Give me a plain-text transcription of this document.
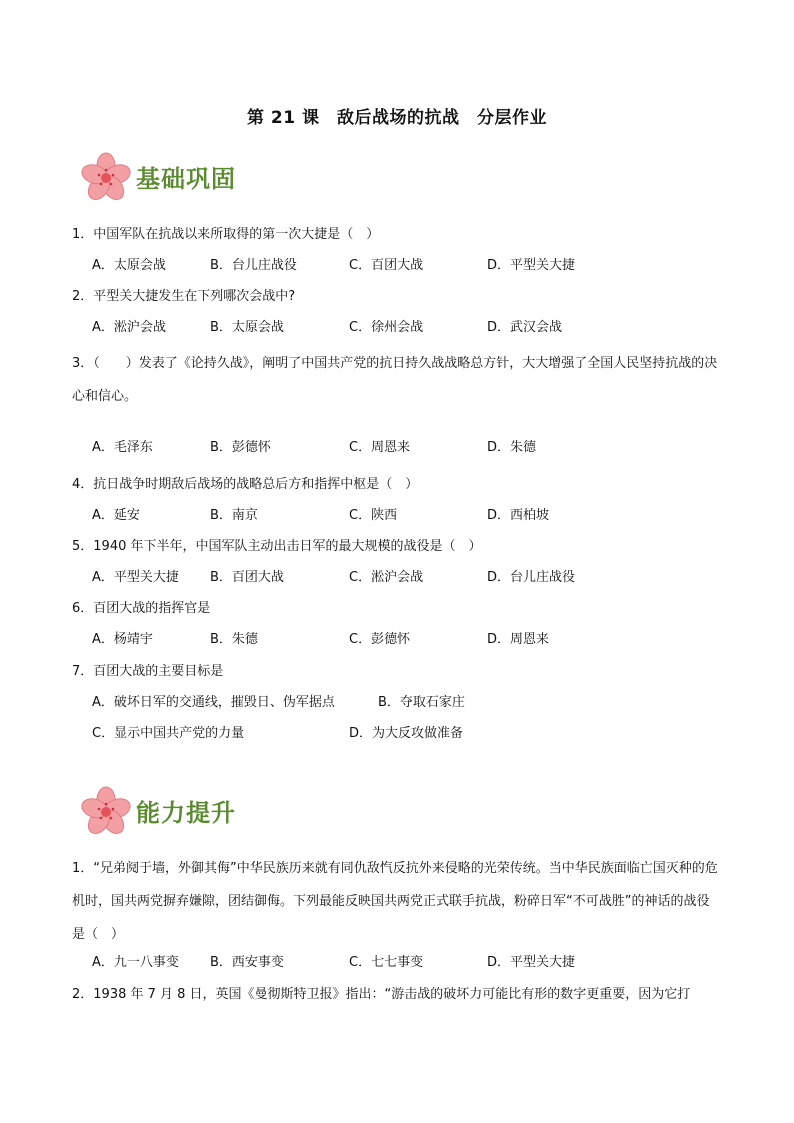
第 21 课　敌后战场的抗战　分层作业
基础巩固
1．中国军队在抗战以来所取得的第一次大捷是（　）
A．太原会战	B．台儿庄战役	C．百团大战	D．平型关大捷
2．平型关大捷发生在下列哪次会战中?
A．淞沪会战	B．太原会战	C．徐州会战	D．武汉会战
3．（　　）发表了《论持久战》，阐明了中国共产党的抗日持久战战略总方针，大大增强了全国人民坚持抗战的决心和信心。
A．毛泽东	B．彭德怀	C．周恩来	D．朱德
4．抗日战争时期敌后战场的战略总后方和指挥中枢是（　）
A．延安	B．南京	C．陕西	D．西柏坡
5．1940 年下半年，中国军队主动出击日军的最大规模的战役是（　）
A．平型关大捷 B．百团大战	C．淞沪会战	D．台儿庄战役
6．百团大战的指挥官是
A．杨靖宇	B．朱德	C．彭德怀	D．周恩来
7．百团大战的主要目标是
A．破坏日军的交通线，摧毁日、伪军据点	B．夺取石家庄
C．显示中国共产党的力量	D．为大反攻做准备
能力提升
1．“兄弟阋于墙，外御其侮”中华民族历来就有同仇敌忾反抗外来侵略的光荣传统。当中华民族面临亡国灭种的危机时，国共两党摒弃嫌隙，团结御侮。下列最能反映国共两党正式联手抗战，粉碎日军“不可战胜”的神话的战役是（　）
A．九一八事变 B．西安事变	C．七七事变	D．平型关大捷
2．1938 年 7 月 8 日，英国《曼彻斯特卫报》指出：“游击战的破坏力可能比有形的数字更重要，因为它打
